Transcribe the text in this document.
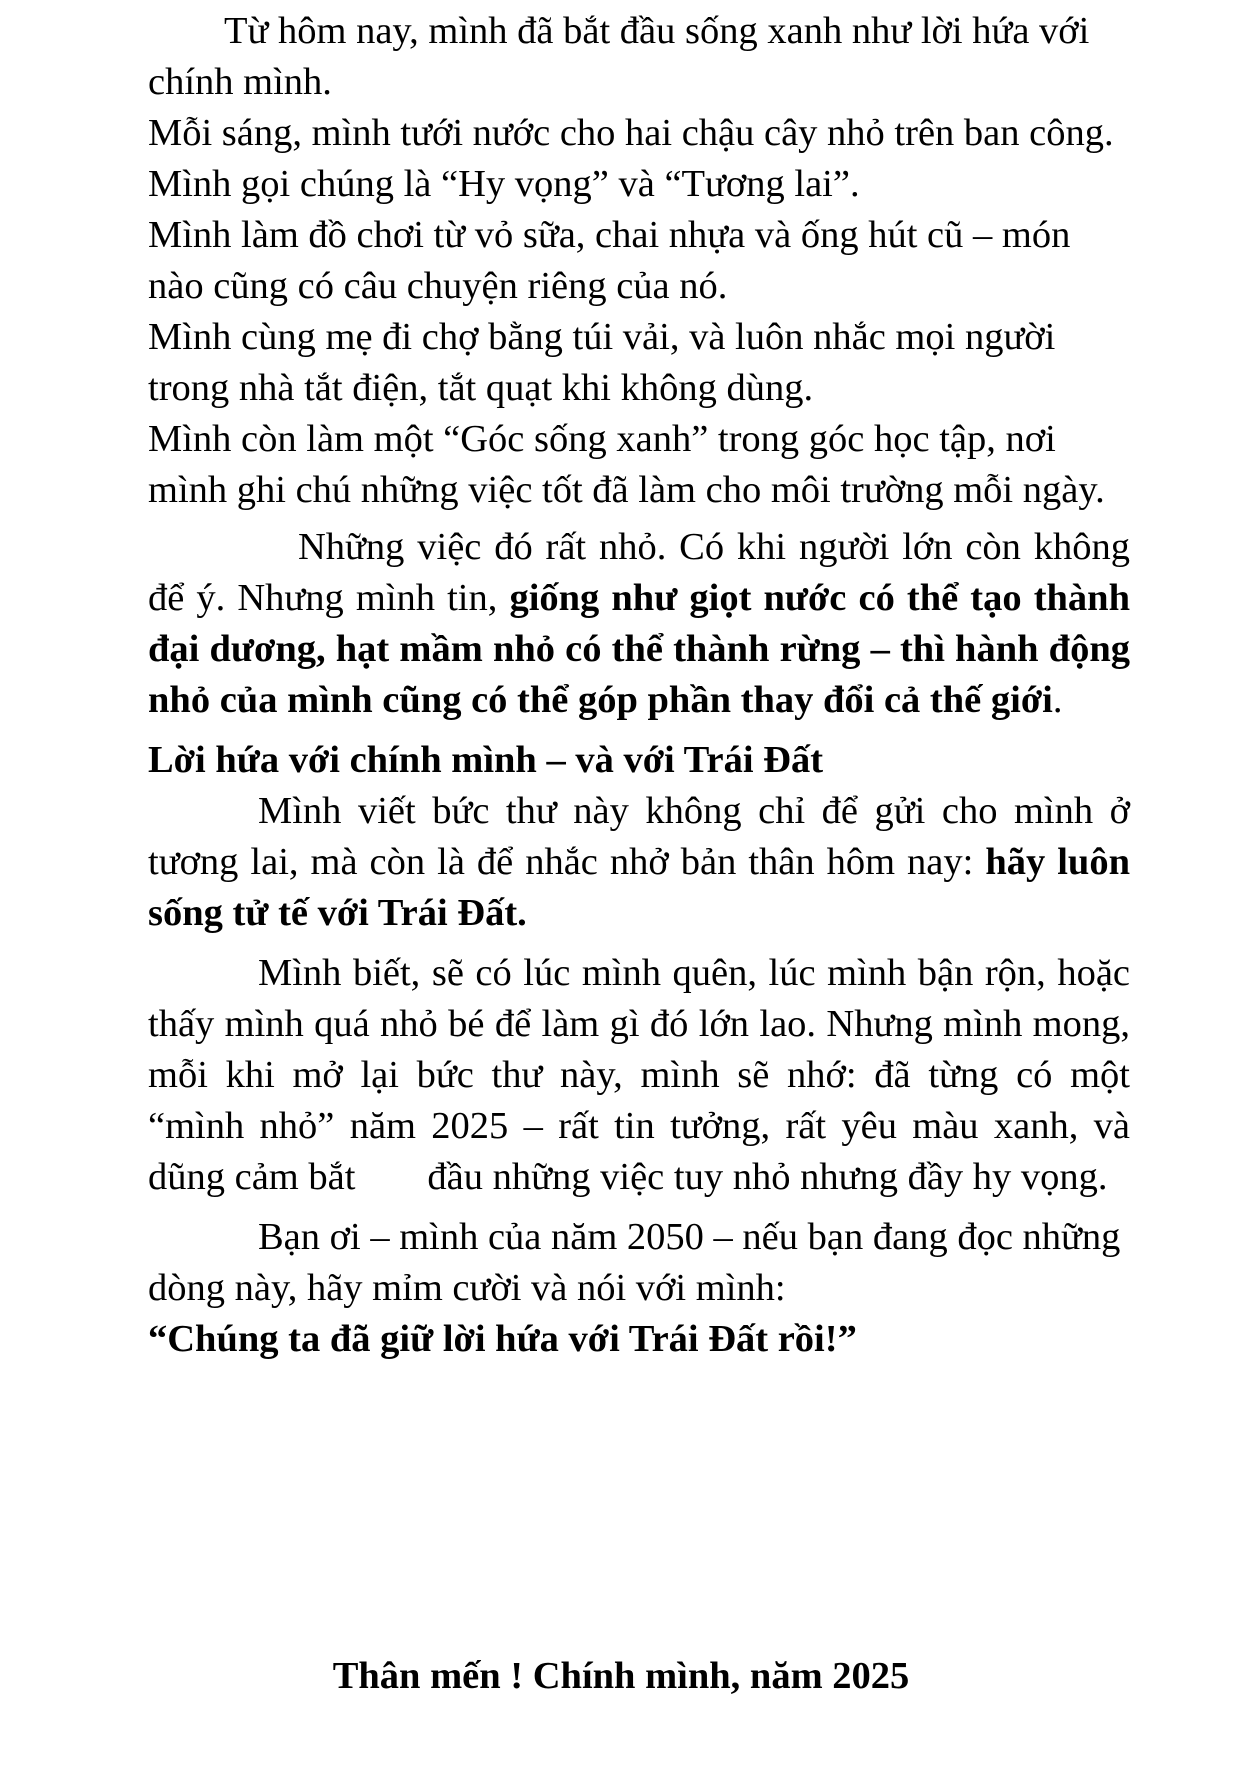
Từ hôm nay, mình đã bắt đầu sống xanh như lời hứa với chính mình.

Mỗi sáng, mình tưới nước cho hai chậu cây nhỏ trên ban công. Mình gọi chúng là “Hy vọng” và “Tương lai”.

Mình làm đồ chơi từ vỏ sữa, chai nhựa và ống hút cũ – món nào cũng có câu chuyện riêng của nó.

Mình cùng mẹ đi chợ bằng túi vải, và luôn nhắc mọi người trong nhà tắt điện, tắt quạt khi không dùng.

Mình còn làm một “Góc sống xanh” trong góc học tập, nơi mình ghi chú những việc tốt đã làm cho môi trường mỗi ngày.

Những việc đó rất nhỏ. Có khi người lớn còn không để ý. Nhưng mình tin, giống như giọt nước có thể tạo thành đại dương, hạt mầm nhỏ có thể thành rừng – thì hành động nhỏ của mình cũng có thể góp phần thay đổi cả thế giới.

Lời hứa với chính mình – và với Trái Đất

Mình viết bức thư này không chỉ để gửi cho mình ở tương lai, mà còn là để nhắc nhở bản thân hôm nay: hãy luôn sống tử tế với Trái Đất.

Mình biết, sẽ có lúc mình quên, lúc mình bận rộn, hoặc thấy mình quá nhỏ bé để làm gì đó lớn lao. Nhưng mình mong, mỗi khi mở lại bức thư này, mình sẽ nhớ: đã từng có một “mình nhỏ” năm 2025 – rất tin tưởng, rất yêu màu xanh, và dũng cảm bắt đầu những việc tuy nhỏ nhưng đầy hy vọng.

Bạn ơi – mình của năm 2050 – nếu bạn đang đọc những dòng này, hãy mỉm cười và nói với mình:

“Chúng ta đã giữ lời hứa với Trái Đất rồi!”

Thân mến ! Chính mình, năm 2025
